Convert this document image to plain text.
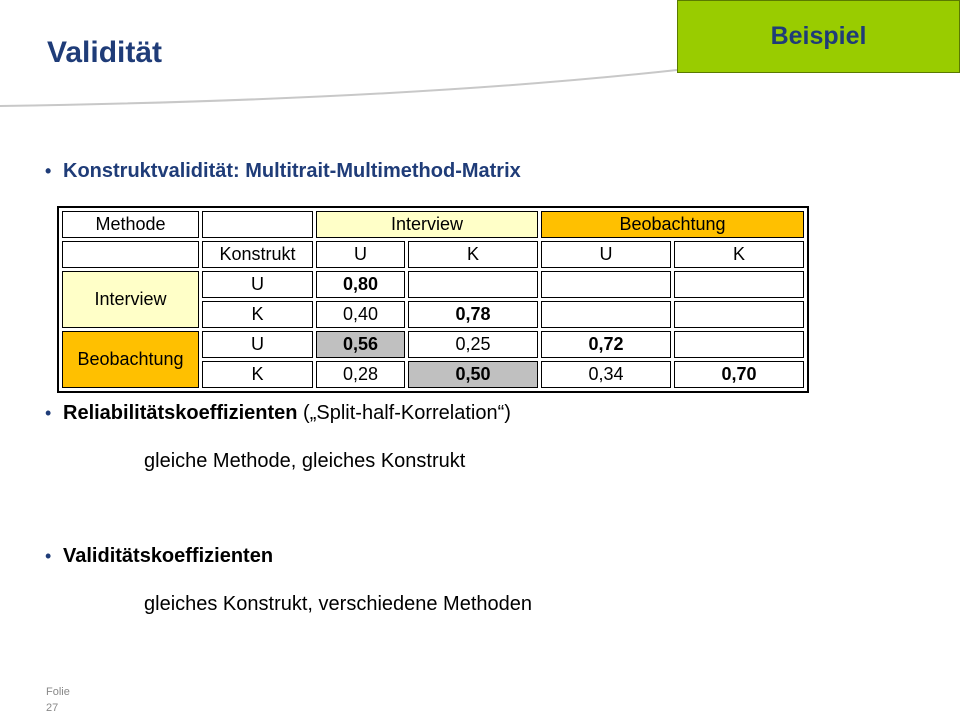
Validität	Beispiel
• Konstruktvalidität: Multitrait-Multimethod-Matrix
Methode		Interview		Beobachtung	
	Konstrukt	U	K	U	K
Interview	U	0,80			
	K	0,40	0,78		
Beobachtung	U	0,56	0,25	0,72	
	K	0,28	0,50	0,34	0,70
• Reliabilitätskoeffizienten („Split-half-Korrelation“)
gleiche Methode, gleiches Konstrukt
• Validitätskoeffizienten
gleiches Konstrukt, verschiedene Methoden
Folie
27
